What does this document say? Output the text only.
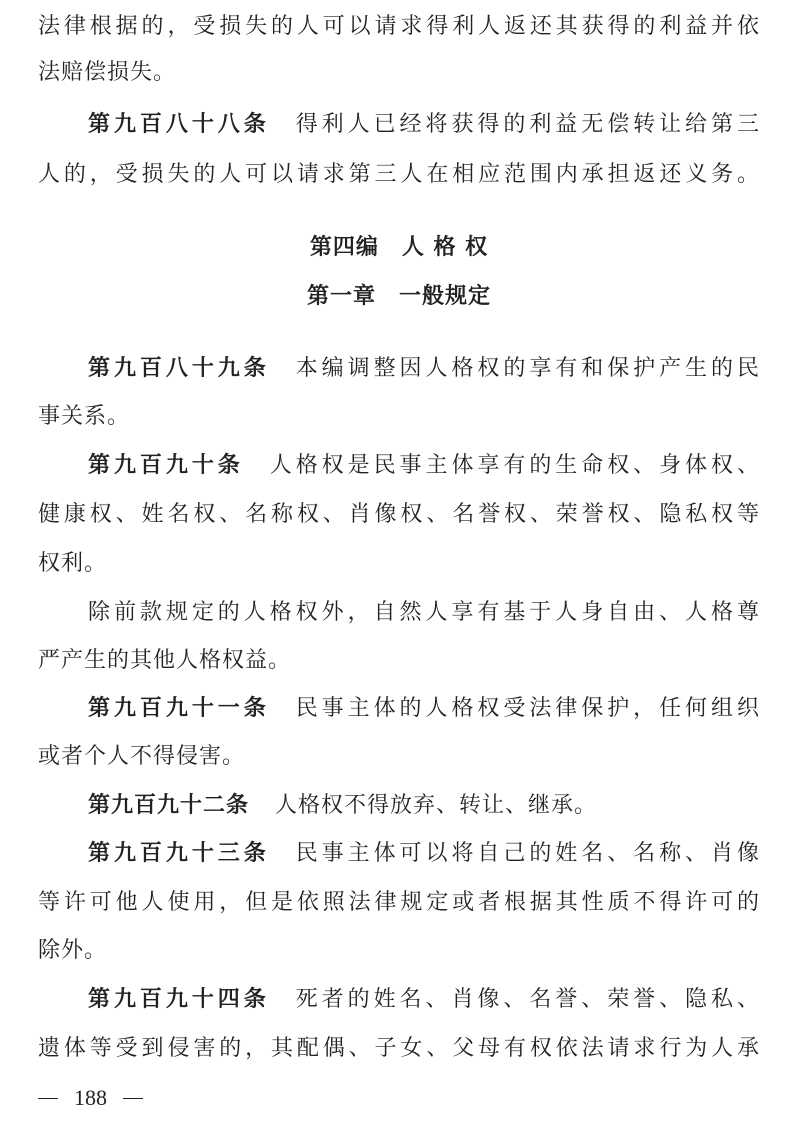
法律根据的，受损失的人可以请求得利人返还其获得的利益并依
法赔偿损失。
第九百八十八条 得利人已经将获得的利益无偿转让给第三
人的，受损失的人可以请求第三人在相应范围内承担返还义务。
第四编　人 格 权
第一章　一般规定
第九百八十九条 本编调整因人格权的享有和保护产生的民
事关系。
第九百九十条 人格权是民事主体享有的生命权、身体权、
健康权、姓名权、名称权、肖像权、名誉权、荣誉权、隐私权等
权利。
除前款规定的人格权外，自然人享有基于人身自由、人格尊
严产生的其他人格权益。
第九百九十一条 民事主体的人格权受法律保护，任何组织
或者个人不得侵害。
第九百九十二条 人格权不得放弃、转让、继承。
第九百九十三条 民事主体可以将自己的姓名、名称、肖像
等许可他人使用，但是依照法律规定或者根据其性质不得许可的
除外。
第九百九十四条 死者的姓名、肖像、名誉、荣誉、隐私、
遗体等受到侵害的，其配偶、子女、父母有权依法请求行为人承
188
